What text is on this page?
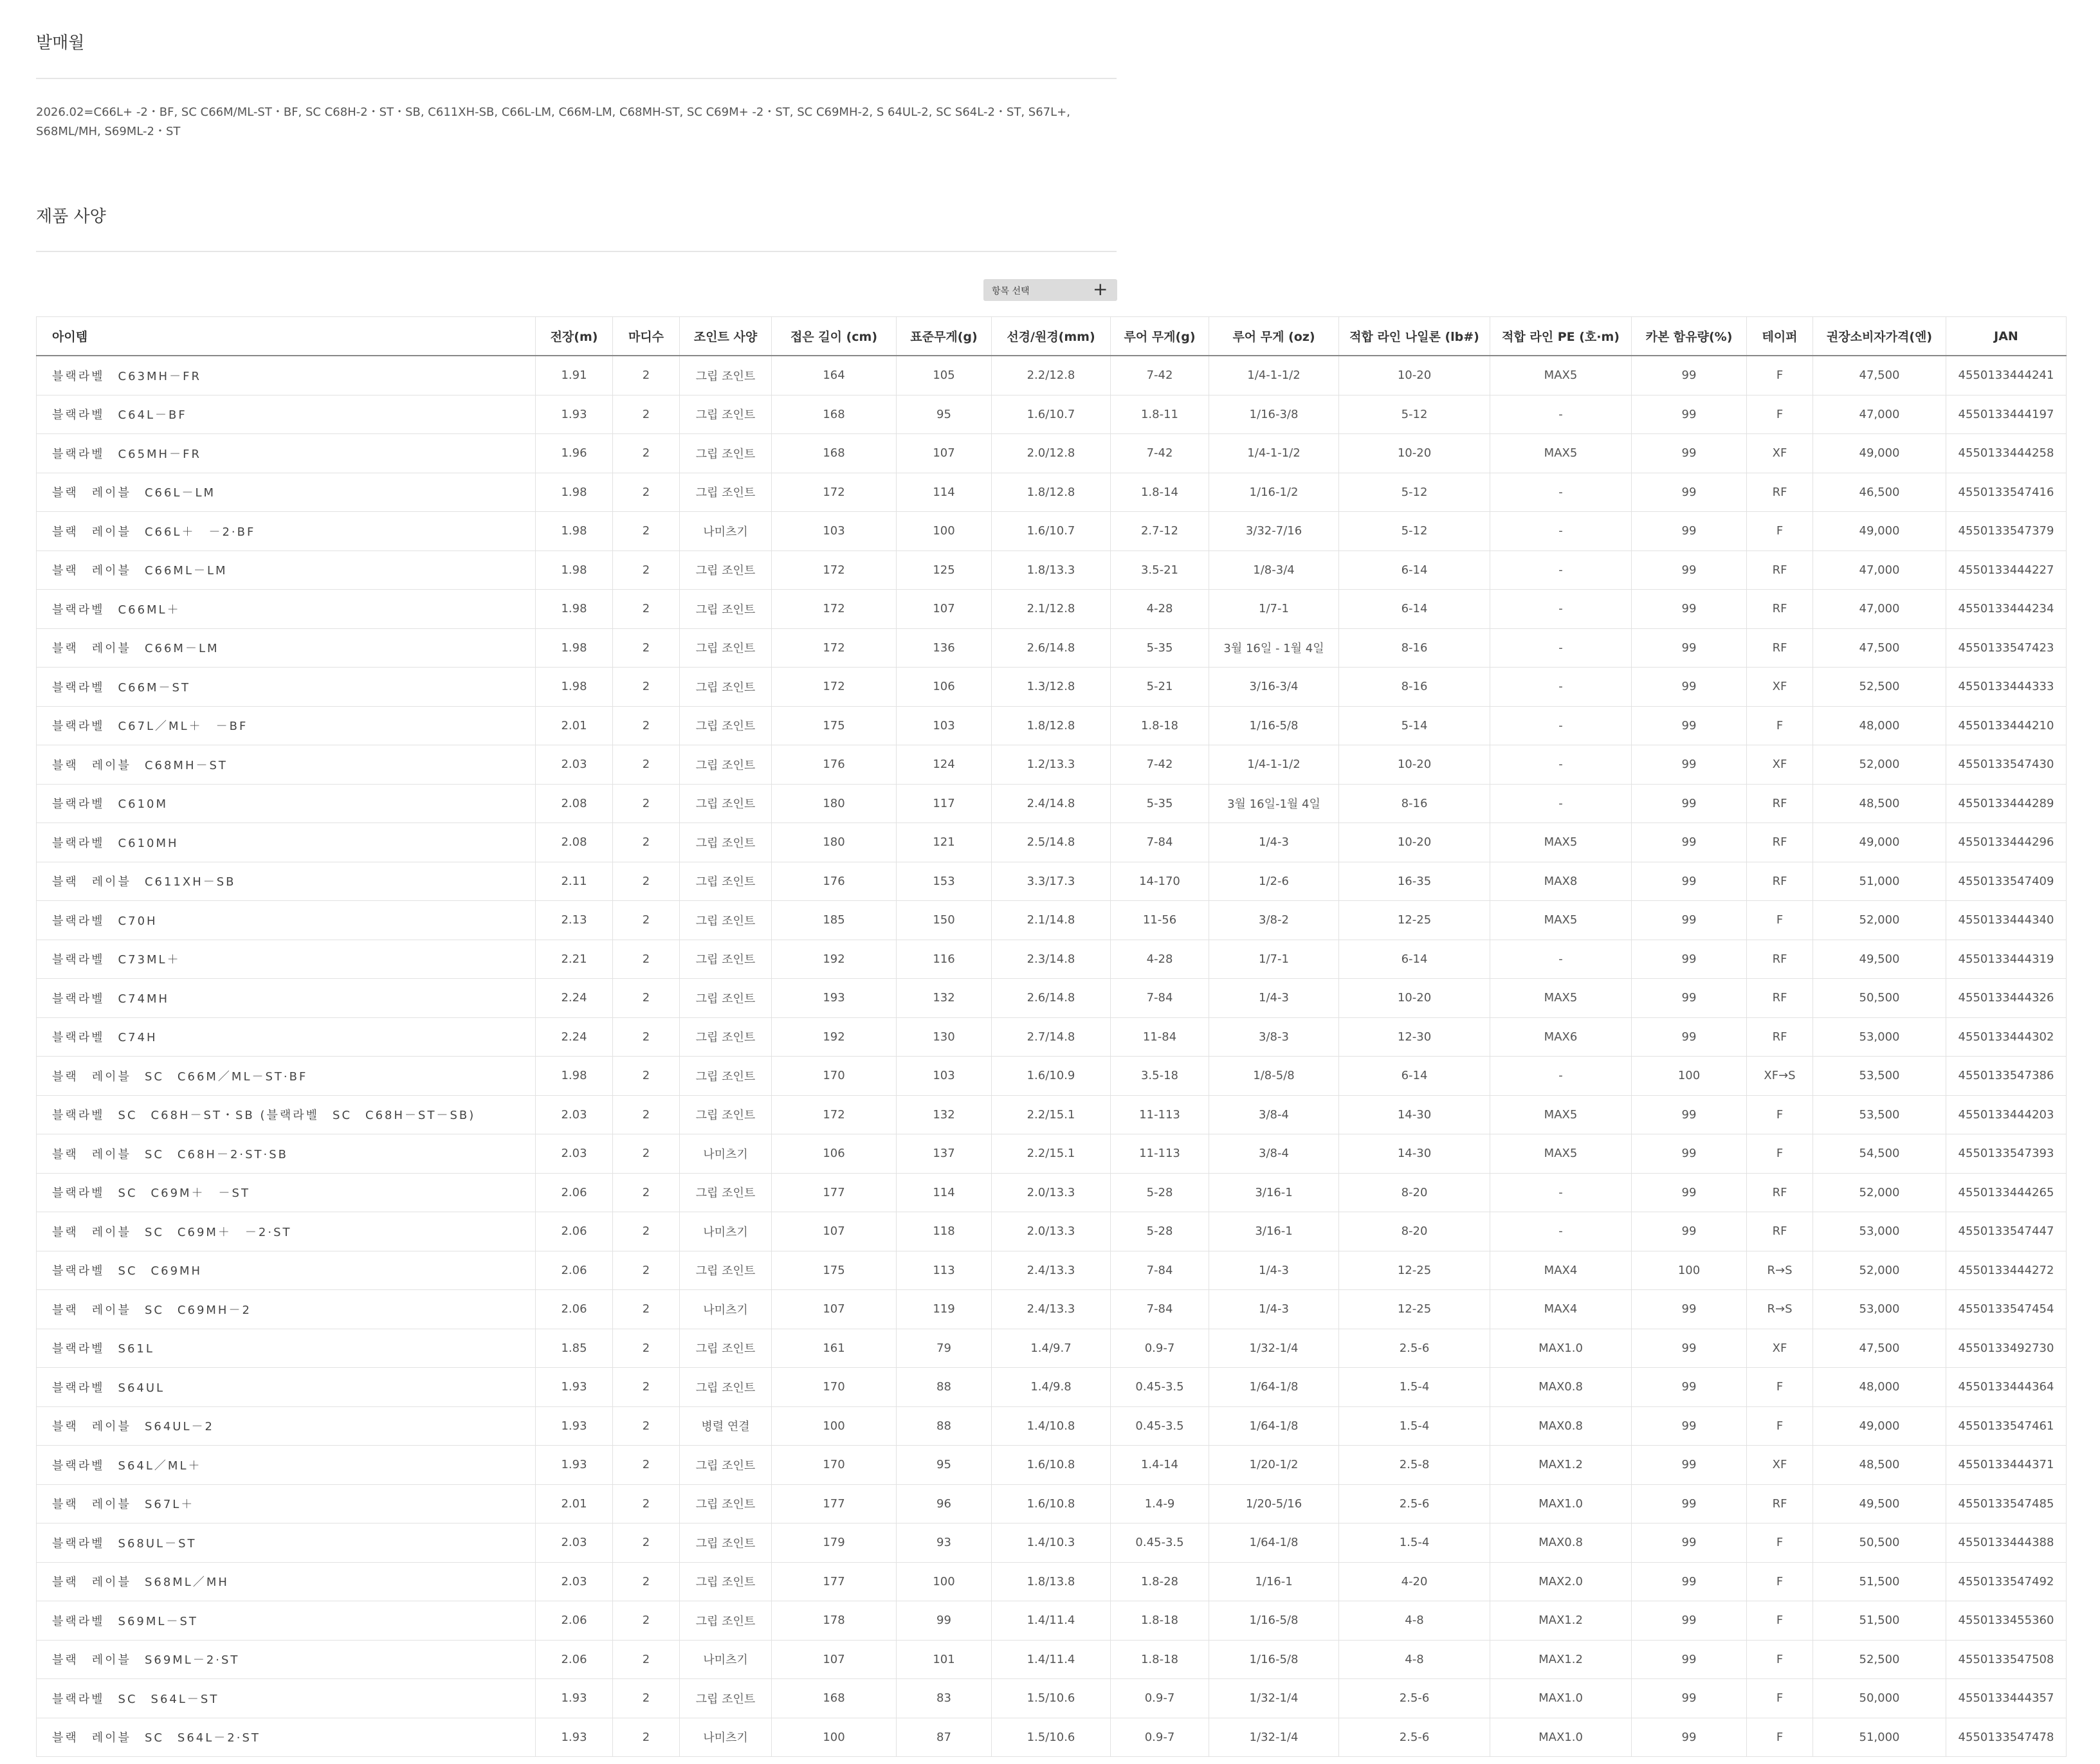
발매월
2026.02=C66L+ -2・BF, SC C66M/ML-ST・BF, SC C68H-2・ST・SB, C611XH-SB, C66L-LM, C66M-LM, C68MH-ST, SC C69M+ -2・ST, SC C69MH-2, S 64UL-2, SC S64L-2・ST, S67L+, S68ML/MH, S69ML-2・ST
제품 사양
항목 선택	+
아이템	전장(m)	마디수	조인트 사양	접은 길이 (cm)	표준무게(g)	선경/원경(mm)	루어 무게(g)	루어 무게 (oz)	적합 라인 나일론 (lb#)	적합 라인 PE (호·m)	카본 함유량(%)	테이퍼	권장소비자가격(엔)	JAN
블랙라벨　C63MH－FR	1.91	2	그립 조인트	164	105	2.2/12.8	7-42	1/4-1-1/2	10-20	MAX5	99	F	47,500	4550133444241
블랙라벨　C64L－BF	1.93	2	그립 조인트	168	95	1.6/10.7	1.8-11	1/16-3/8	5-12	-	99	F	47,000	4550133444197
블랙라벨　C65MH－FR	1.96	2	그립 조인트	168	107	2.0/12.8	7-42	1/4-1-1/2	10-20	MAX5	99	XF	49,000	4550133444258
블랙　레이블　C66L－LM	1.98	2	그립 조인트	172	114	1.8/12.8	1.8-14	1/16-1/2	5-12	-	99	RF	46,500	4550133547416
블랙　레이블　C66L＋　－2·BF	1.98	2	나미츠기	103	100	1.6/10.7	2.7-12	3/32-7/16	5-12	-	99	F	49,000	4550133547379
블랙　레이블　C66ML－LM	1.98	2	그립 조인트	172	125	1.8/13.3	3.5-21	1/8-3/4	6-14	-	99	RF	47,000	4550133444227
블랙라벨　C66ML＋	1.98	2	그립 조인트	172	107	2.1/12.8	4-28	1/7-1	6-14	-	99	RF	47,000	4550133444234
블랙　레이블　C66M－LM	1.98	2	그립 조인트	172	136	2.6/14.8	5-35	3월 16일 - 1월 4일	8-16	-	99	RF	47,500	4550133547423
블랙라벨　C66M－ST	1.98	2	그립 조인트	172	106	1.3/12.8	5-21	3/16-3/4	8-16	-	99	XF	52,500	4550133444333
블랙라벨　C67L／ML＋　－BF	2.01	2	그립 조인트	175	103	1.8/12.8	1.8-18	1/16-5/8	5-14	-	99	F	48,000	4550133444210
블랙　레이블　C68MH－ST	2.03	2	그립 조인트	176	124	1.2/13.3	7-42	1/4-1-1/2	10-20	-	99	XF	52,000	4550133547430
블랙라벨　C610M	2.08	2	그립 조인트	180	117	2.4/14.8	5-35	3월 16일-1월 4일	8-16	-	99	RF	48,500	4550133444289
블랙라벨　C610MH	2.08	2	그립 조인트	180	121	2.5/14.8	7-84	1/4-3	10-20	MAX5	99	RF	49,000	4550133444296
블랙　레이블　C611XH－SB	2.11	2	그립 조인트	176	153	3.3/17.3	14-170	1/2-6	16-35	MAX8	99	RF	51,000	4550133547409
블랙라벨　C70H	2.13	2	그립 조인트	185	150	2.1/14.8	11-56	3/8-2	12-25	MAX5	99	F	52,000	4550133444340
블랙라벨　C73ML＋	2.21	2	그립 조인트	192	116	2.3/14.8	4-28	1/7-1	6-14	-	99	RF	49,500	4550133444319
블랙라벨　C74MH	2.24	2	그립 조인트	193	132	2.6/14.8	7-84	1/4-3	10-20	MAX5	99	RF	50,500	4550133444326
블랙라벨　C74H	2.24	2	그립 조인트	192	130	2.7/14.8	11-84	3/8-3	12-30	MAX6	99	RF	53,000	4550133444302
블랙　레이블　SC　C66M／ML－ST·BF	1.98	2	그립 조인트	170	103	1.6/10.9	3.5-18	1/8-5/8	6-14	-	100	XF→S	53,500	4550133547386
블랙라벨　SC　C68H－ST・SB (블랙라벨　SC　C68H－ST－SB)	2.03	2	그립 조인트	172	132	2.2/15.1	11-113	3/8-4	14-30	MAX5	99	F	53,500	4550133444203
블랙　레이블　SC　C68H－2·ST·SB	2.03	2	나미츠기	106	137	2.2/15.1	11-113	3/8-4	14-30	MAX5	99	F	54,500	4550133547393
블랙라벨　SC　C69M＋　－ST	2.06	2	그립 조인트	177	114	2.0/13.3	5-28	3/16-1	8-20	-	99	RF	52,000	4550133444265
블랙　레이블　SC　C69M＋　－2·ST	2.06	2	나미츠기	107	118	2.0/13.3	5-28	3/16-1	8-20	-	99	RF	53,000	4550133547447
블랙라벨　SC　C69MH	2.06	2	그립 조인트	175	113	2.4/13.3	7-84	1/4-3	12-25	MAX4	100	R→S	52,000	4550133444272
블랙　레이블　SC　C69MH－2	2.06	2	나미츠기	107	119	2.4/13.3	7-84	1/4-3	12-25	MAX4	99	R→S	53,000	4550133547454
블랙라벨　S61L	1.85	2	그립 조인트	161	79	1.4/9.7	0.9-7	1/32-1/4	2.5-6	MAX1.0	99	XF	47,500	4550133492730
블랙라벨　S64UL	1.93	2	그립 조인트	170	88	1.4/9.8	0.45-3.5	1/64-1/8	1.5-4	MAX0.8	99	F	48,000	4550133444364
블랙　레이블　S64UL－2	1.93	2	병렬 연결	100	88	1.4/10.8	0.45-3.5	1/64-1/8	1.5-4	MAX0.8	99	F	49,000	4550133547461
블랙라벨　S64L／ML＋	1.93	2	그립 조인트	170	95	1.6/10.8	1.4-14	1/20-1/2	2.5-8	MAX1.2	99	XF	48,500	4550133444371
블랙　레이블　S67L＋	2.01	2	그립 조인트	177	96	1.6/10.8	1.4-9	1/20-5/16	2.5-6	MAX1.0	99	RF	49,500	4550133547485
블랙라벨　S68UL－ST	2.03	2	그립 조인트	179	93	1.4/10.3	0.45-3.5	1/64-1/8	1.5-4	MAX0.8	99	F	50,500	4550133444388
블랙　레이블　S68ML／MH	2.03	2	그립 조인트	177	100	1.8/13.8	1.8-28	1/16-1	4-20	MAX2.0	99	F	51,500	4550133547492
블랙라벨　S69ML－ST	2.06	2	그립 조인트	178	99	1.4/11.4	1.8-18	1/16-5/8	4-8	MAX1.2	99	F	51,500	4550133455360
블랙　레이블　S69ML－2·ST	2.06	2	나미츠기	107	101	1.4/11.4	1.8-18	1/16-5/8	4-8	MAX1.2	99	F	52,500	4550133547508
블랙라벨　SC　S64L－ST	1.93	2	그립 조인트	168	83	1.5/10.6	0.9-7	1/32-1/4	2.5-6	MAX1.0	99	F	50,000	4550133444357
블랙　레이블　SC　S64L－2·ST	1.93	2	나미츠기	100	87	1.5/10.6	0.9-7	1/32-1/4	2.5-6	MAX1.0	99	F	51,000	4550133547478
